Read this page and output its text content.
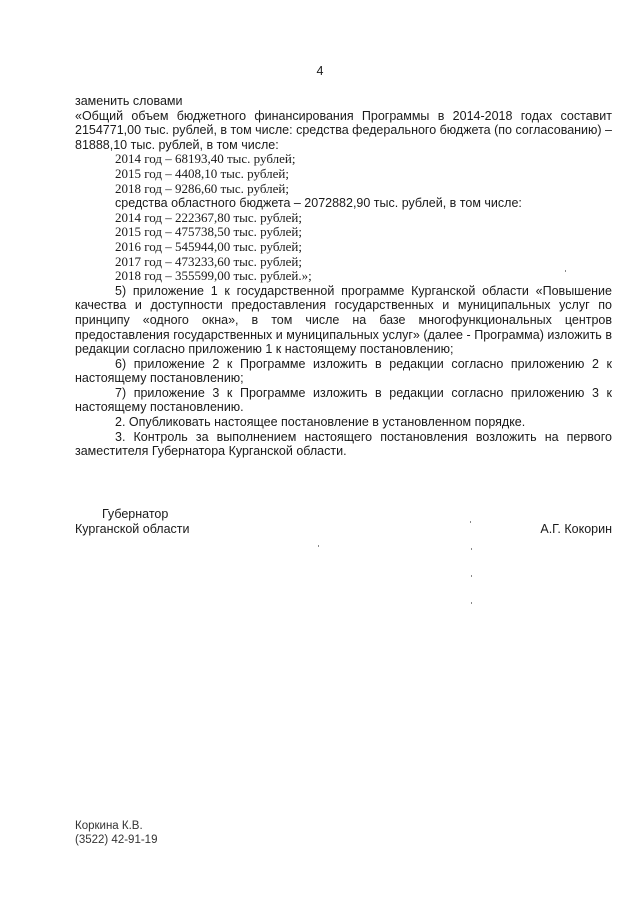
4

заменить словами

«Общий объем бюджетного финансирования Программы в 2014-2018 годах составит 2154771,00 тыс. рублей, в том числе: средства федерального бюджета (по согласованию) – 81888,10 тыс. рублей, в том числе:

2014 год – 68193,40 тыс. рублей;

2015 год – 4408,10 тыс. рублей;

2018 год – 9286,60 тыс. рублей;

средства областного бюджета – 2072882,90 тыс. рублей, в том числе:

2014 год – 222367,80 тыс. рублей;

2015 год – 475738,50 тыс. рублей;

2016 год – 545944,00 тыс. рублей;

2017 год – 473233,60 тыс. рублей;

2018 год – 355599,00 тыс. рублей.»;

5) приложение 1 к государственной программе Курганской области «Повышение качества и доступности предоставления государственных и муниципальных услуг по принципу «одного окна», в том числе на базе многофункциональных центров предоставления государственных и муниципальных услуг» (далее - Программа) изложить в редакции согласно приложению 1 к настоящему постановлению;

6) приложение 2 к Программе изложить в редакции согласно приложению 2 к настоящему постановлению;

7) приложение 3 к Программе изложить в редакции согласно приложению 3 к настоящему постановлению.

2. Опубликовать настоящее постановление в установленном порядке.

3. Контроль за выполнением настоящего постановления возложить на первого заместителя Губернатора Курганской области.

Губернатор

Курганской области	А.Г. Кокорин
Коркина К.В.
(3522) 42-91-19
